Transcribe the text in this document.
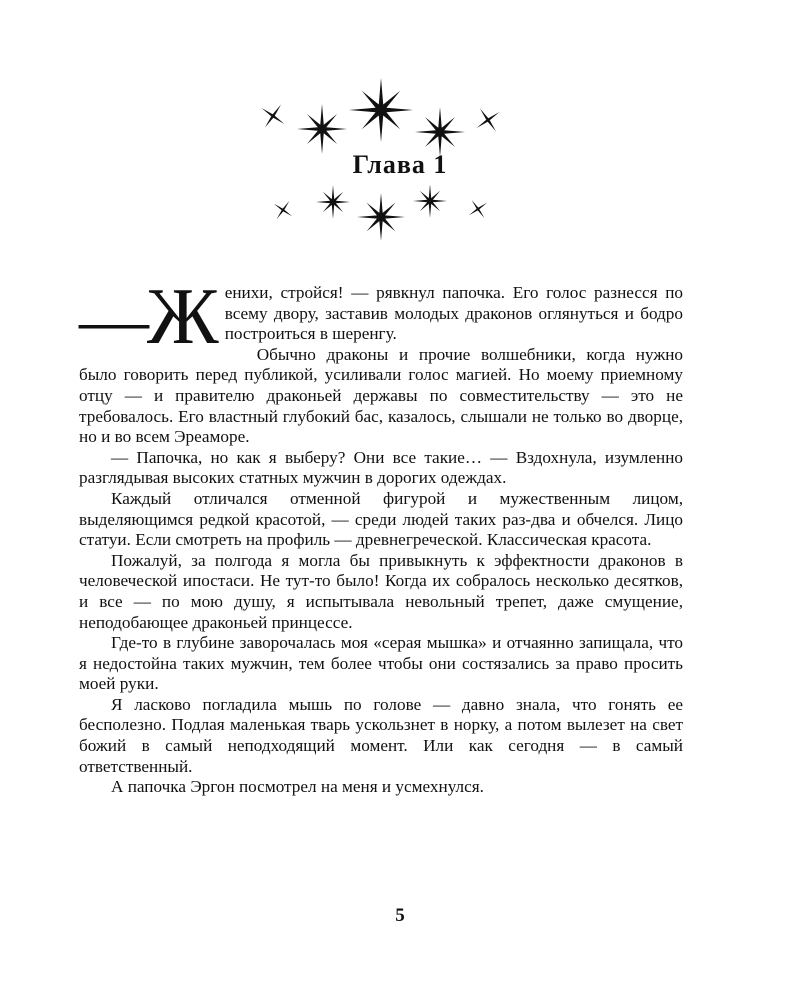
Глава 1

—Ж енихи, стройся! — рявкнул папочка. Его голос разнесся по всему двору, заставив молодых драконов оглянуться и бодро построиться в шеренгу.

Обычно драконы и прочие волшебники, когда нужно было говорить перед публикой, усиливали голос магией. Но моему приемному отцу — и правителю драконьей державы по совместительству — это не требовалось. Его властный глубокий бас, казалось, слышали не только во дворце, но и во всем Эреаморе.

— Папочка, но как я выберу? Они все такие… — Вздохнула, изумленно разглядывая высоких статных мужчин в дорогих одеждах.

Каждый отличался отменной фигурой и мужественным лицом, выделяющимся редкой красотой, — среди людей таких раз-два и обчелся. Лицо статуи. Если смотреть на профиль — древнегреческой. Классическая красота.

Пожалуй, за полгода я могла бы привыкнуть к эффектности драконов в человеческой ипостаси. Не тут-то было! Когда их собралось несколько десятков, и все — по мою душу, я испытывала невольный трепет, даже смущение, неподобающее драконьей принцессе.

Где-то в глубине заворочалась моя «серая мышка» и отчаянно запищала, что я недостойна таких мужчин, тем более чтобы они состязались за право просить моей руки.

Я ласково погладила мышь по голове — давно знала, что гонять ее бесполезно. Подлая маленькая тварь ускользнет в норку, а потом вылезет на свет божий в самый неподходящий момент. Или как сегодня — в самый ответственный.

А папочка Эргон посмотрел на меня и усмехнулся.

5
